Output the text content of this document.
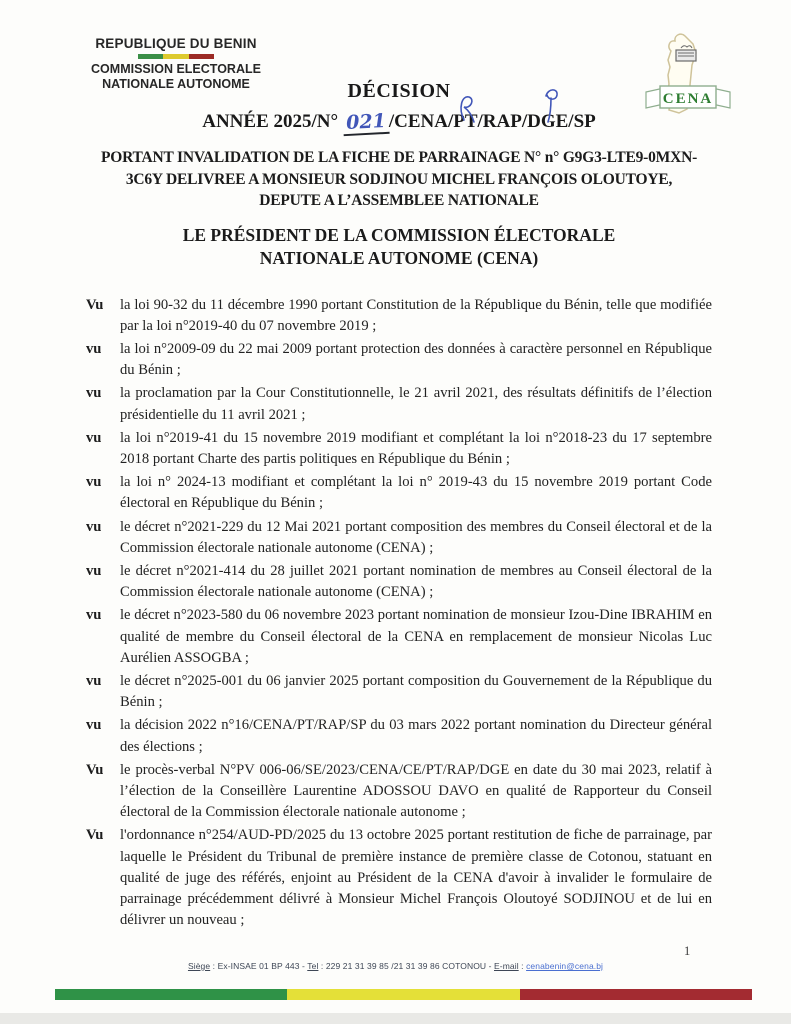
REPUBLIQUE DU BENIN
COMMISSION ELECTORALE
NATIONALE AUTONOME
CENA
DÉCISION
ANNÉE 2025/N° 021 /CENA/PT/RAP/DGE/SP
PORTANT INVALIDATION DE LA FICHE DE PARRAINAGE N° n° G9G3-LTE9-0MXN-3C6Y DELIVREE A MONSIEUR SODJINOU MICHEL FRANÇOIS OLOUTOYE, DEPUTE A L’ASSEMBLEE NATIONALE
LE PRÉSIDENT DE LA COMMISSION ÉLECTORALE NATIONALE AUTONOME (CENA)
Vu	la loi 90-32 du 11 décembre 1990 portant Constitution de la République du Bénin, telle que modifiée par la loi n°2019-40 du 07 novembre 2019 ;
vu	la loi n°2009-09 du 22 mai 2009 portant protection des données à caractère personnel en République du Bénin ;
vu	la proclamation par la Cour Constitutionnelle, le 21 avril 2021, des résultats définitifs de l’élection présidentielle du 11 avril 2021 ;
vu	la loi n°2019-41 du 15 novembre 2019 modifiant et complétant la loi n°2018-23 du 17 septembre 2018 portant Charte des partis politiques en République du Bénin ;
vu	la loi n° 2024-13 modifiant et complétant la loi n° 2019-43 du 15 novembre 2019 portant Code électoral en République du Bénin ;
vu	le décret n°2021-229 du 12 Mai 2021 portant composition des membres du Conseil électoral et de la Commission électorale nationale autonome (CENA) ;
vu	le décret n°2021-414 du 28 juillet 2021 portant nomination de membres au Conseil électoral de la Commission électorale nationale autonome (CENA) ;
vu	le décret n°2023-580 du 06 novembre 2023 portant nomination de monsieur Izou-Dine IBRAHIM en qualité de membre du Conseil électoral de la CENA en remplacement de monsieur Nicolas Luc Aurélien ASSOGBA ;
vu	le décret n°2025-001 du 06 janvier 2025 portant composition du Gouvernement de la République du Bénin ;
vu	la décision 2022 n°16/CENA/PT/RAP/SP du 03 mars 2022 portant nomination du Directeur général des élections ;
Vu	le procès-verbal N°PV 006-06/SE/2023/CENA/CE/PT/RAP/DGE en date du 30 mai 2023, relatif à l’élection de la Conseillère Laurentine ADOSSOU DAVO en qualité de Rapporteur du Conseil électoral de la Commission électorale nationale autonome ;
Vu	l'ordonnance n°254/AUD-PD/2025 du 13 octobre 2025 portant restitution de fiche de parrainage, par laquelle le Président du Tribunal de première instance de première classe de Cotonou, statuant en qualité de juge des référés, enjoint au Président de la CENA d'avoir à invalider le formulaire de parrainage précédemment délivré à Monsieur Michel François Oloutoyé SODJINOU et de lui en délivrer un nouveau ;
Siège : Ex-INSAE 01 BP 443 - Tel : 229 21 31 39 85 /21 31 39 86 COTONOU - E-mail : cenabenin@cena.bj
1
